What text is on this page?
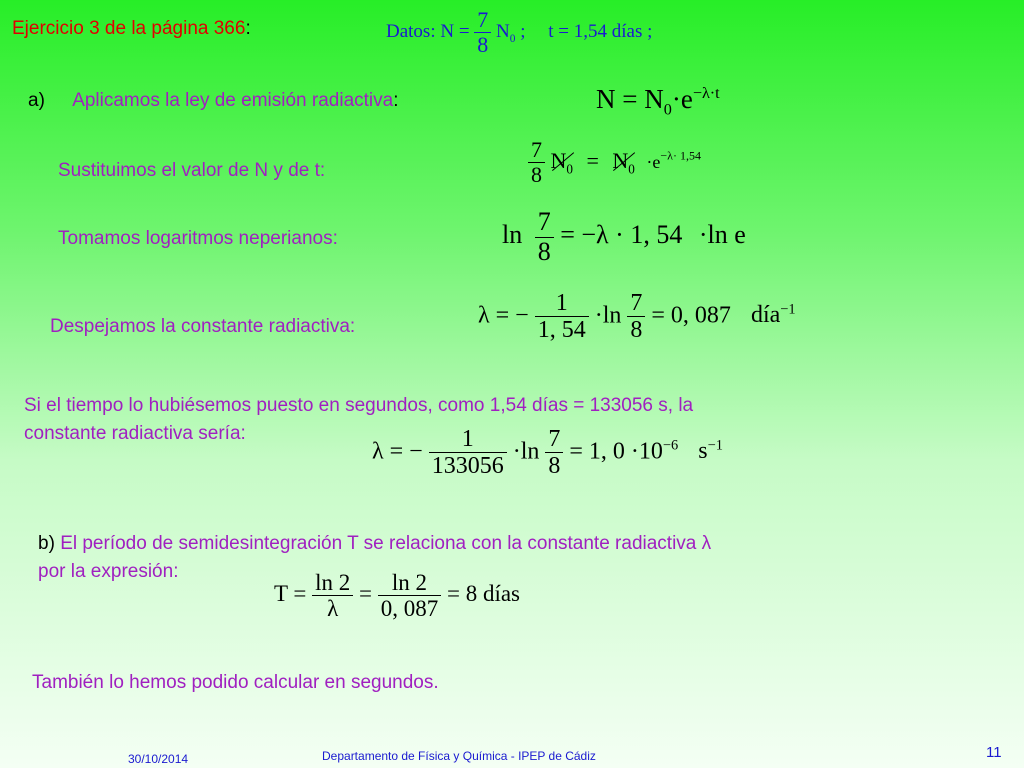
Ejercicio 3 de la página 366:	Datos: $N = \frac{7}{8} N_0$ ; t = 1,54 días ;
a) Aplicamos la ley de emisión radiactiva:	$N = N_0\cdot e^{-\lambda\cdot t}$
Sustituimos el valor de N y de t:	$\frac{7}{8} N_0 = N_0 \cdot e^{-\lambda\cdot 1,54}$
Tomamos logaritmos neperianos:	$\ln \frac{7}{8} = -\lambda \cdot 1$, 54 ·ln e
Despejamos la constante radiactiva:	λ = − $\frac{1}{1, 54} \cdot\ln \frac{7}{8} = 0$, 087 día$^{-1}$
Si el tiempo lo hubiésemos puesto en segundos, como 1,54 días = 133056 s, la
constante radiactiva sería:
λ = − $\frac{1}{133056} \cdot\ln \frac{7}{8} = 1$, $0 \cdot 10^{-6}$ $s^{-1}$
b) El período de semidesintegración T se relaciona con la constante radiactiva λ
por la expresión:
$T = \frac{\ln 2}{\lambda} = \frac{\ln 2}{0, 087} = 8$ días
También lo hemos podido calcular en segundos.
30/10/2014	Departamento de Física y Química - IPEP de Cádiz	11
